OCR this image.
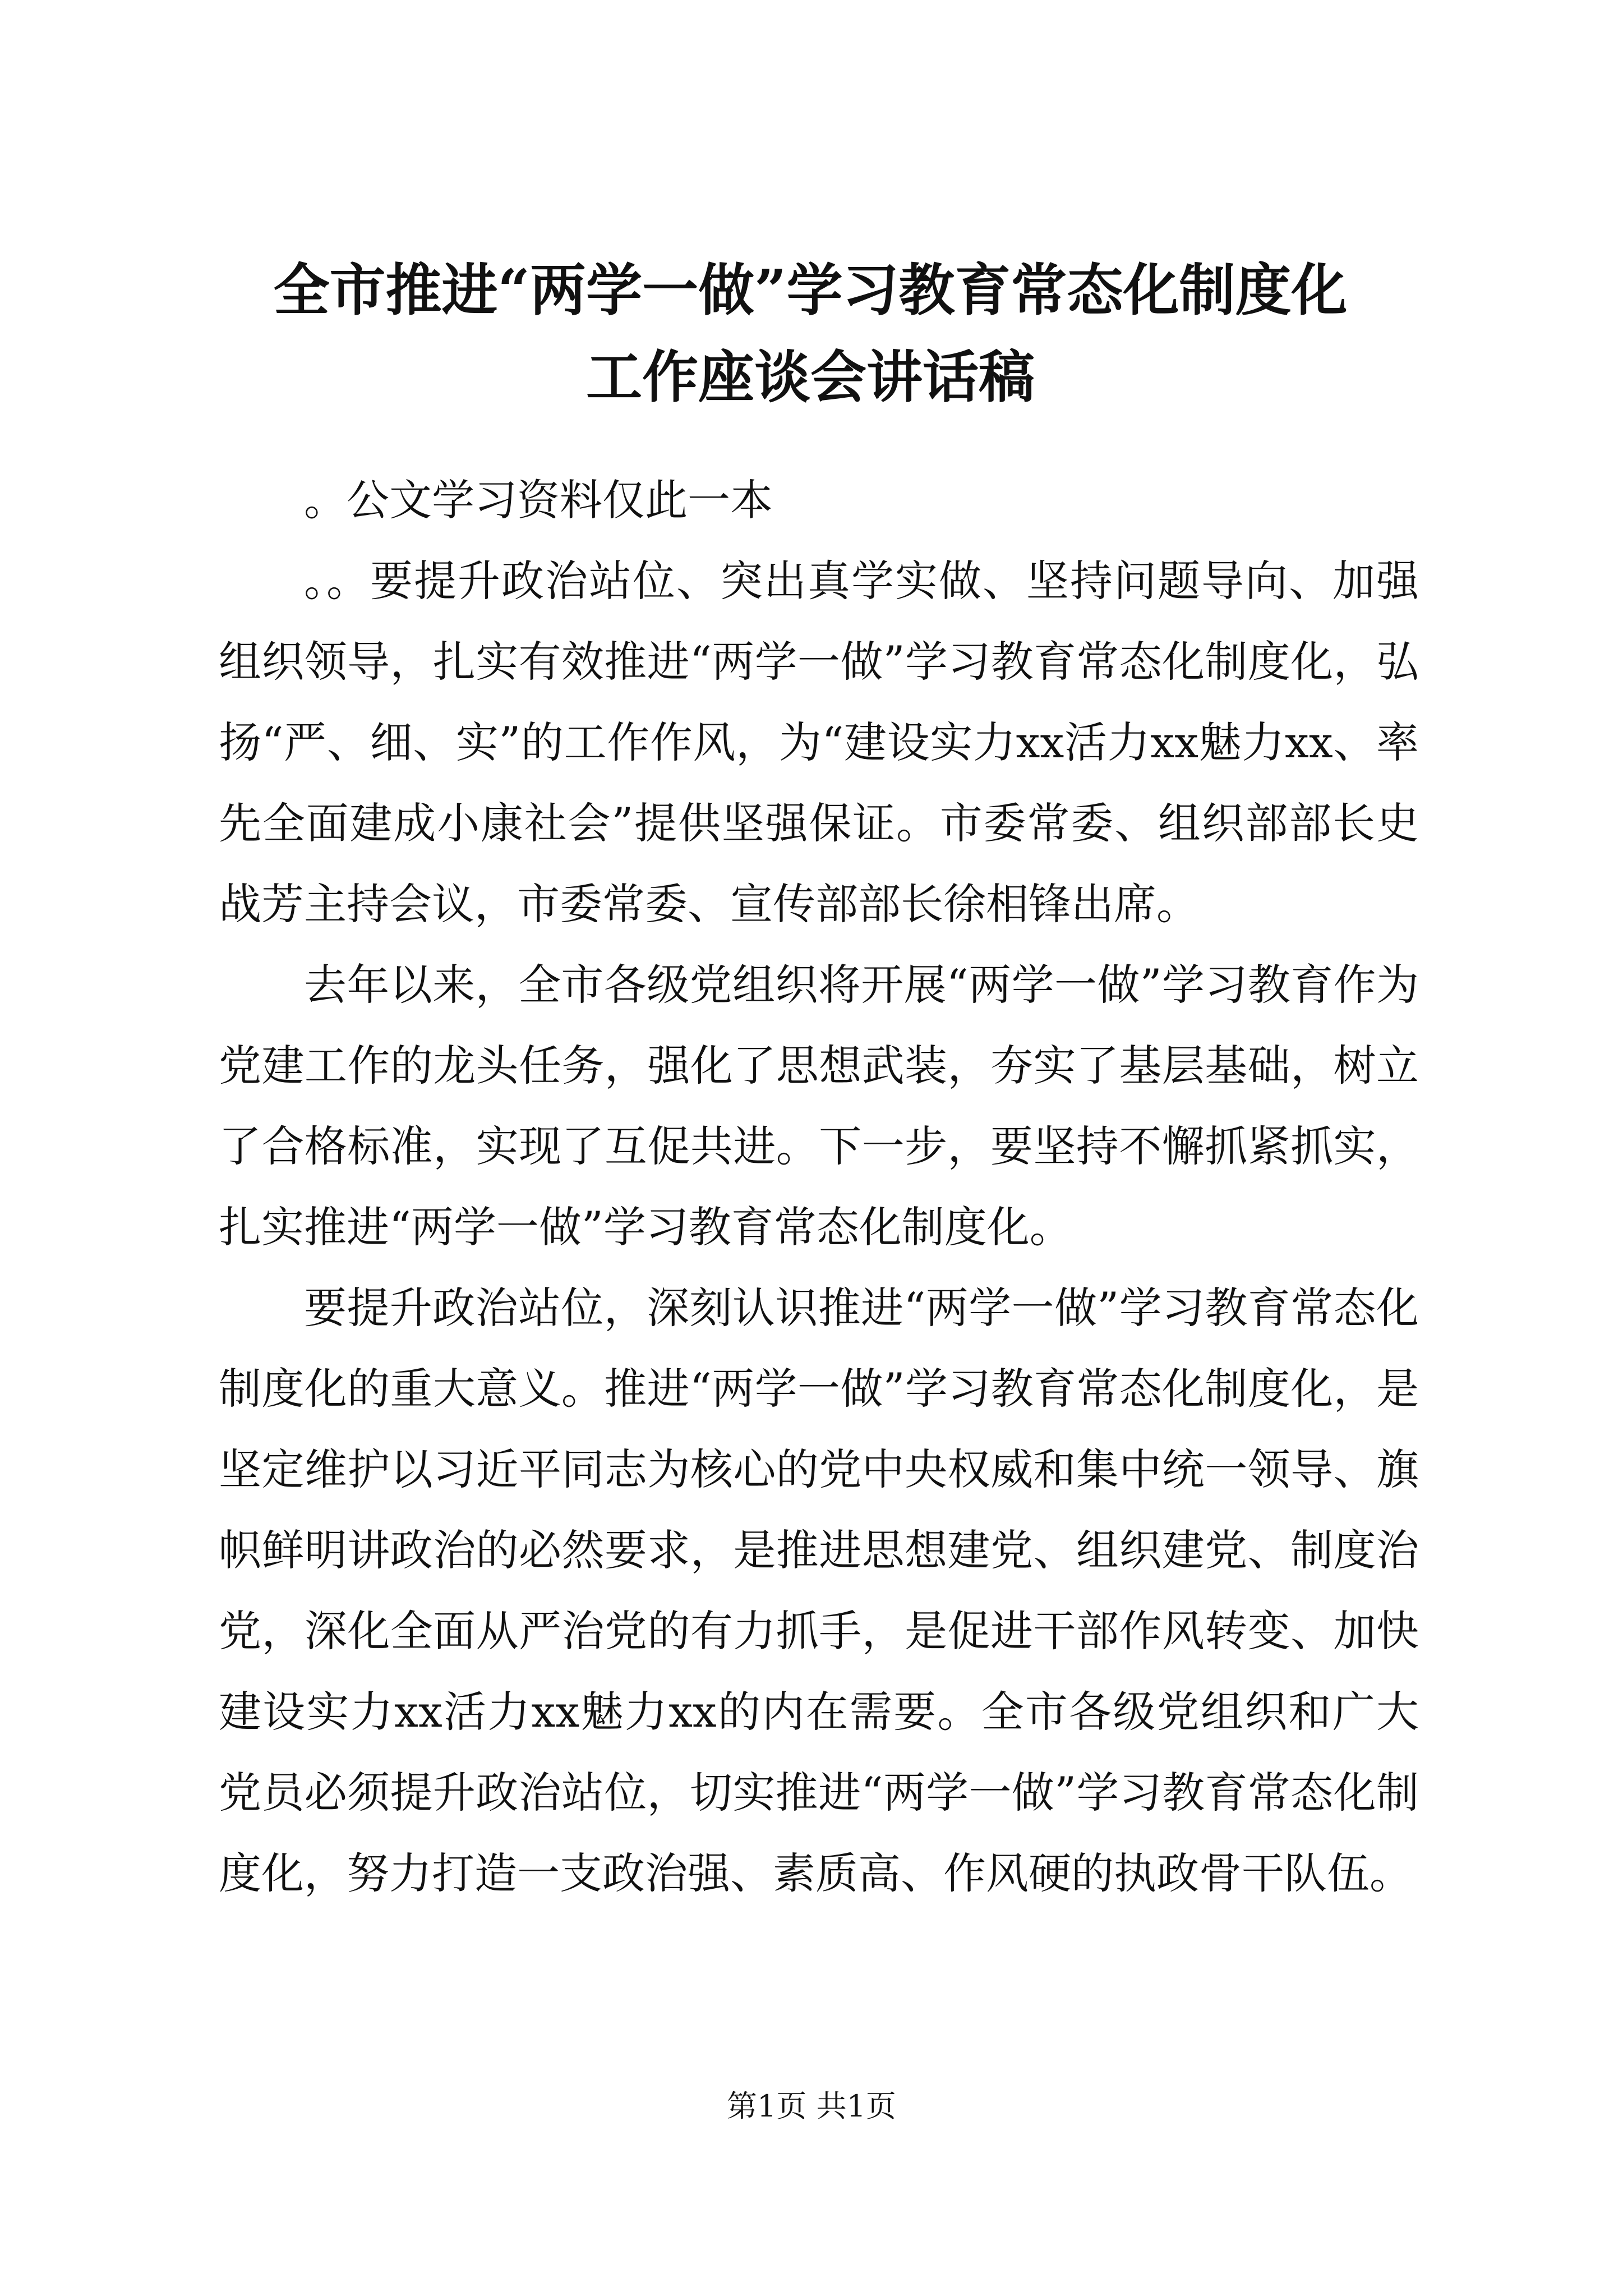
全市推进“两学一做”学习教育常态化制度化
工作座谈会讲话稿

。公文学习资料仅此一本

。。要提升政治站位、突出真学实做、坚持问题导向、加强组织领导，扎实有效推进“两学一做”学习教育常态化制度化，弘扬“严、细、实”的工作作风，为“建设实力xx活力xx魅力xx、率先全面建成小康社会”提供坚强保证。市委常委、组织部部长史战芳主持会议，市委常委、宣传部部长徐相锋出席。

去年以来，全市各级党组织将开展“两学一做”学习教育作为党建工作的龙头任务，强化了思想武装，夯实了基层基础，树立了合格标准，实现了互促共进。下一步，要坚持不懈抓紧抓实，扎实推进“两学一做”学习教育常态化制度化。

要提升政治站位，深刻认识推进“两学一做”学习教育常态化制度化的重大意义。推进“两学一做”学习教育常态化制度化，是坚定维护以习近平同志为核心的党中央权威和集中统一领导、旗帜鲜明讲政治的必然要求，是推进思想建党、组织建党、制度治党，深化全面从严治党的有力抓手，是促进干部作风转变、加快建设实力xx活力xx魅力xx的内在需要。全市各级党组织和广大党员必须提升政治站位，切实推进“两学一做”学习教育常态化制度化，努力打造一支政治强、素质高、作风硬的执政骨干队伍。

第1页 共1页
